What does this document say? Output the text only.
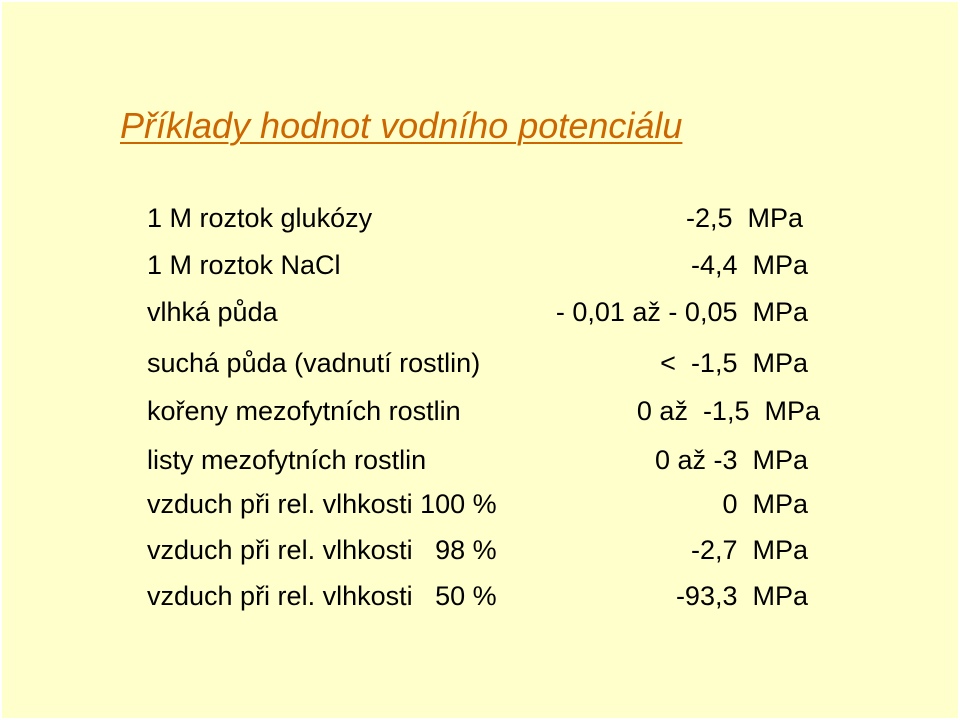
Příklady hodnot vodního potenciálu
1 M roztok glukózy	-2,5  MPa
1 M roztok NaCl	-4,4  MPa
vlhká půda	- 0,01 až - 0,05  MPa
suchá půda (vadnutí rostlin)	<  -1,5  MPa
kořeny mezofytních rostlin	0 až  -1,5  MPa
listy mezofytních rostlin	0 až -3  MPa
vzduch při rel. vlhkosti 100 %	0  MPa
vzduch při rel. vlhkosti   98 %	-2,7  MPa
vzduch při rel. vlhkosti   50 %	-93,3  MPa
